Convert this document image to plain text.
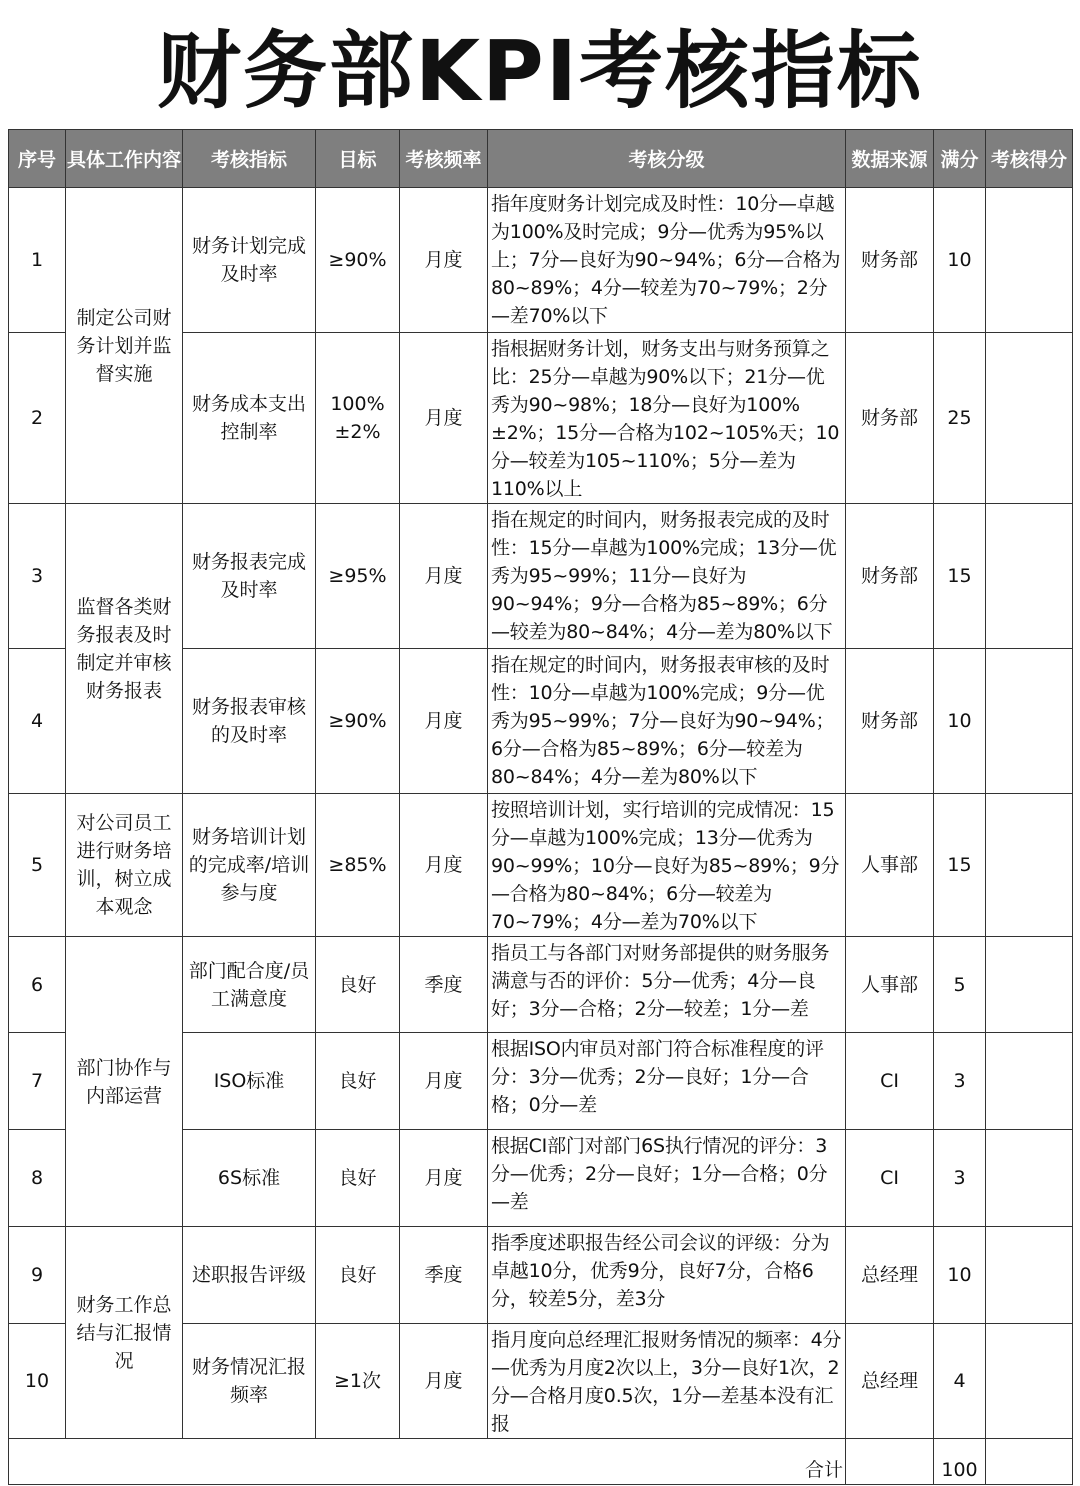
财务部KPI考核指标
序号	具体工作内容	考核指标	目标	考核频率	考核分级	数据来源	满分	考核得分
1	制定公司财务计划并监督实施	财务计划完成及时率	≥90%	月度	指年度财务计划完成及时性：10分—卓越为100%及时完成；9分—优秀为95%以上；7分—良好为90~94%；6分—合格为80~89%；4分—较差为70~79%；2分—差70%以下	财务部	10	
2		财务成本支出控制率	100%±2%	月度	指根据财务计划，财务支出与财务预算之比：25分—卓越为90%以下；21分—优秀为90~98%；18分—良好为100%±2%；15分—合格为102~105%天；10分—较差为105~110%；5分—差为110%以上	财务部	25	
3	监督各类财务报表及时制定并审核财务报表	财务报表完成及时率	≥95%	月度	指在规定的时间内，财务报表完成的及时性：15分—卓越为100%完成；13分—优秀为95~99%；11分—良好为90~94%；9分—合格为85~89%；6分—较差为80~84%；4分—差为80%以下	财务部	15	
4		财务报表审核的及时率	≥90%	月度	指在规定的时间内，财务报表审核的及时性：10分—卓越为100%完成；9分—优秀为95~99%；7分—良好为90~94%；6分—合格为85~89%；6分—较差为80~84%；4分—差为80%以下	财务部	10	
5	对公司员工进行财务培训，树立成本观念	财务培训计划的完成率/培训参与度	≥85%	月度	按照培训计划，实行培训的完成情况：15分—卓越为100%完成；13分—优秀为90~99%；10分—良好为85~89%；9分—合格为80~84%；6分—较差为70~79%；4分—差为70%以下	人事部	15	
6	部门协作与内部运营	部门配合度/员工满意度	良好	季度	指员工与各部门对财务部提供的财务服务满意与否的评价：5分—优秀；4分—良好；3分—合格；2分—较差；1分—差	人事部	5	
7		ISO标准	良好	月度	根据ISO内审员对部门符合标准程度的评分：3分—优秀；2分—良好；1分—合格；0分—差	CI	3	
8		6S标准	良好	月度	根据CI部门对部门6S执行情况的评分：3分—优秀；2分—良好；1分—合格；0分—差	CI	3	
9	财务工作总结与汇报情况	述职报告评级	良好	季度	指季度述职报告经公司会议的评级：分为卓越10分，优秀9分，良好7分，合格6分，较差5分，差3分	总经理	10	
10		财务情况汇报频率	≥1次	月度	指月度向总经理汇报财务情况的频率：4分—优秀为月度2次以上，3分—良好1次，2分—合格月度0.5次，1分—差基本没有汇报	总经理	4	
合计							100	
